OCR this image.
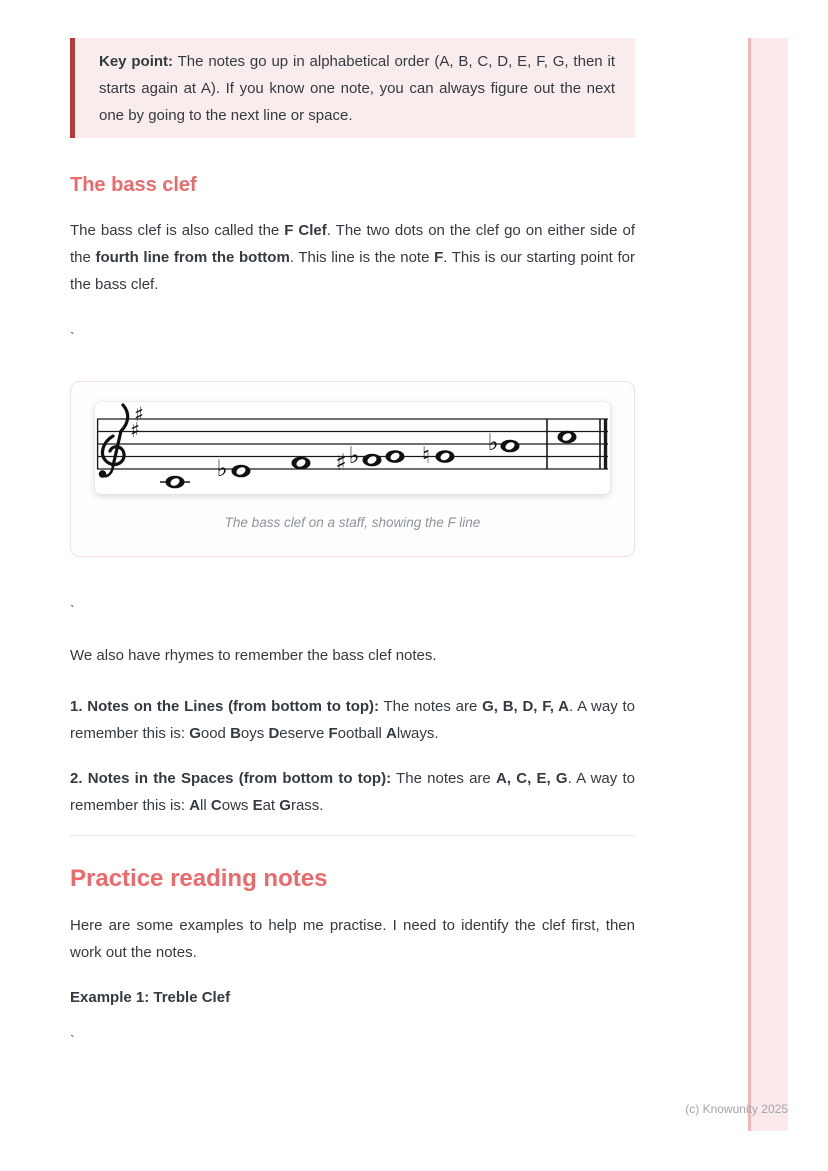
Key point: The notes go up in alphabetical order (A, B, C, D, E, F, G, then it starts again at A). If you know one note, you can always figure out the next one by going to the next line or space.

The bass clef

The bass clef is also called the F Clef. The two dots on the clef go on either side of the fourth line from the bottom. This line is the note F. This is our starting point for the bass clef.

`
♯
♯
♭	♯ ♭	♮ ♭
The bass clef on a staff, showing the F line
`

We also have rhymes to remember the bass clef notes.

1. Notes on the Lines (from bottom to top): The notes are G, B, D, F, A. A way to remember this is: Good Boys Deserve Football Always.

2. Notes in the Spaces (from bottom to top): The notes are A, C, E, G. A way to remember this is: All Cows Eat Grass.

Practice reading notes

Here are some examples to help me practise. I need to identify the clef first, then work out the notes.

Example 1: Treble Clef

`
(c) Knowunity 2025
